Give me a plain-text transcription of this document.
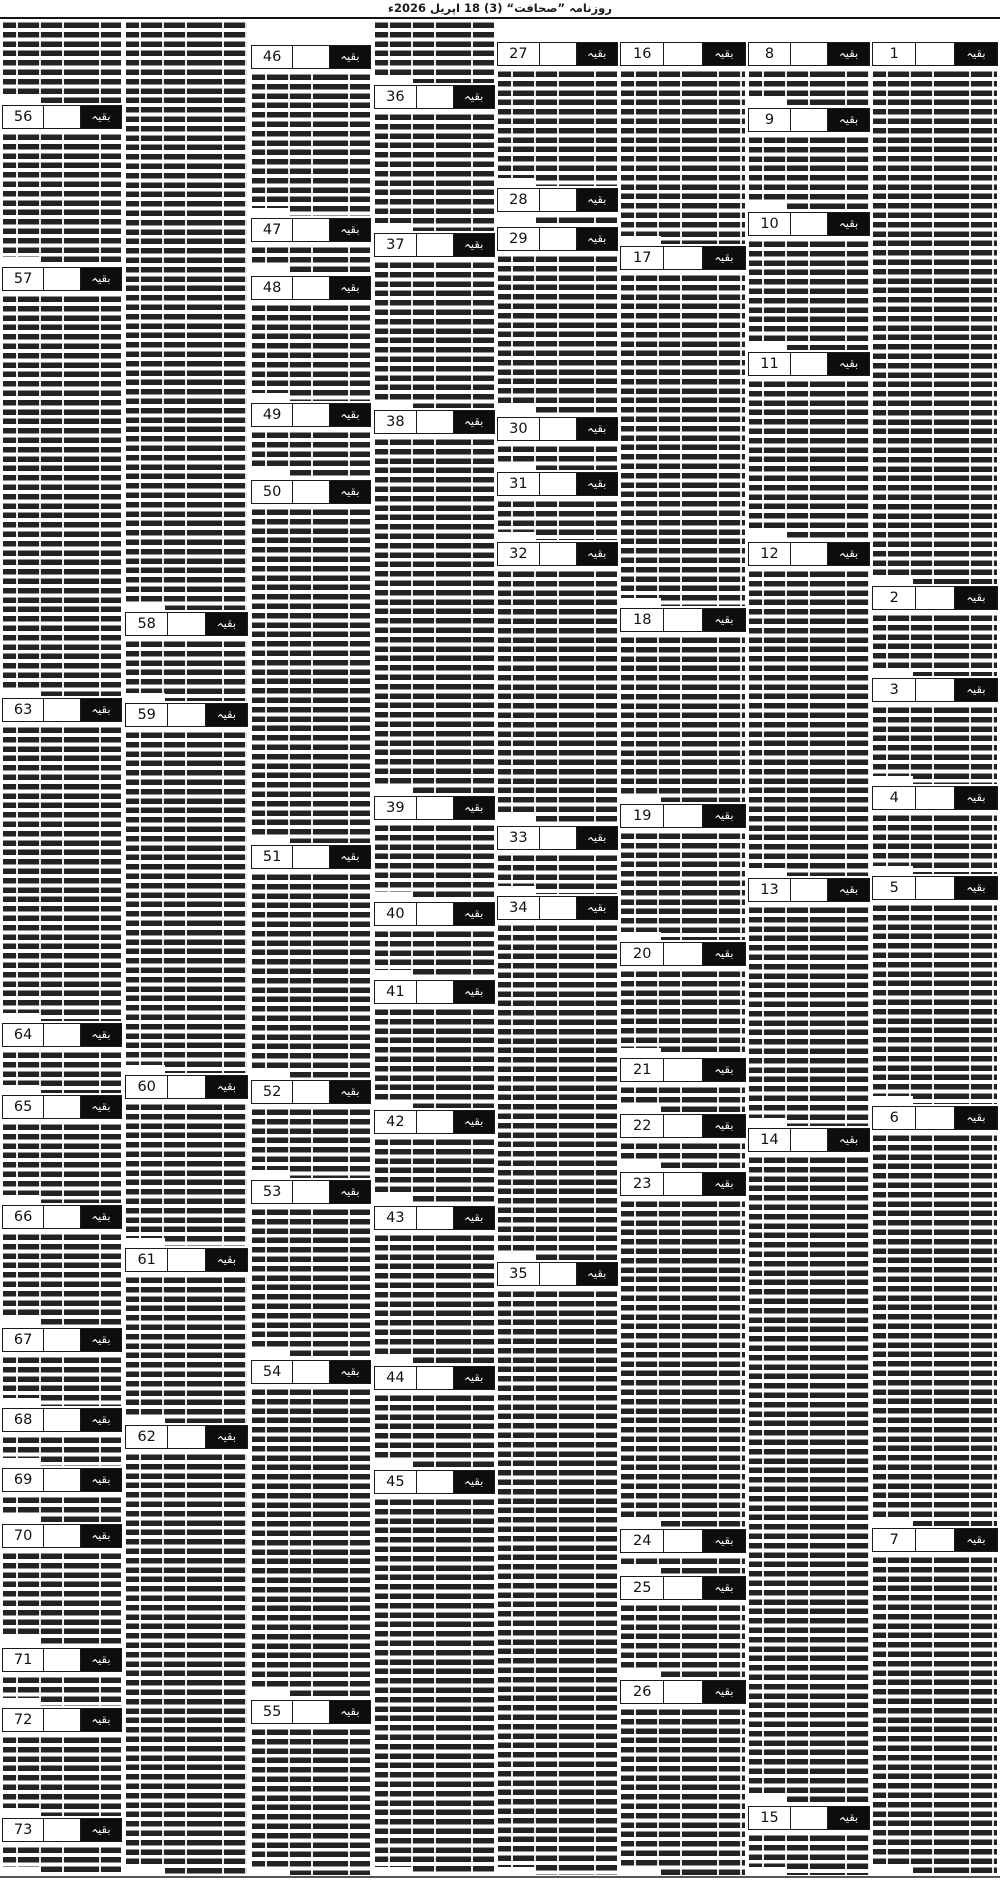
روزنامہ ”صحافت“ (3) 18 اپریل 2026ء
1	بقیہ
2	بقیہ
3	بقیہ
4	بقیہ
5	بقیہ
6	بقیہ
7	بقیہ
8	بقیہ
9	بقیہ
10	بقیہ
11	بقیہ
12	بقیہ
13	بقیہ
14	بقیہ
15	بقیہ
16	بقیہ
17	بقیہ
18	بقیہ
19	بقیہ
20	بقیہ
21	بقیہ
22	بقیہ
23	بقیہ
24	بقیہ
25	بقیہ
26	بقیہ
27	بقیہ
28	بقیہ
29	بقیہ
30	بقیہ
31	بقیہ
32	بقیہ
33	بقیہ
34	بقیہ
35	بقیہ
36	بقیہ
37	بقیہ
38	بقیہ
39	بقیہ
40	بقیہ
41	بقیہ
42	بقیہ
43	بقیہ
44	بقیہ
45	بقیہ
46	بقیہ
47	بقیہ
48	بقیہ
49	بقیہ
50	بقیہ
51	بقیہ
52	بقیہ
53	بقیہ
54	بقیہ
55	بقیہ
58	بقیہ
59	بقیہ
60	بقیہ
61	بقیہ
62	بقیہ
56	بقیہ
57	بقیہ
63	بقیہ
64	بقیہ
65	بقیہ
66	بقیہ
67	بقیہ
68	بقیہ
69	بقیہ
70	بقیہ
71	بقیہ
72	بقیہ
73	بقیہ
